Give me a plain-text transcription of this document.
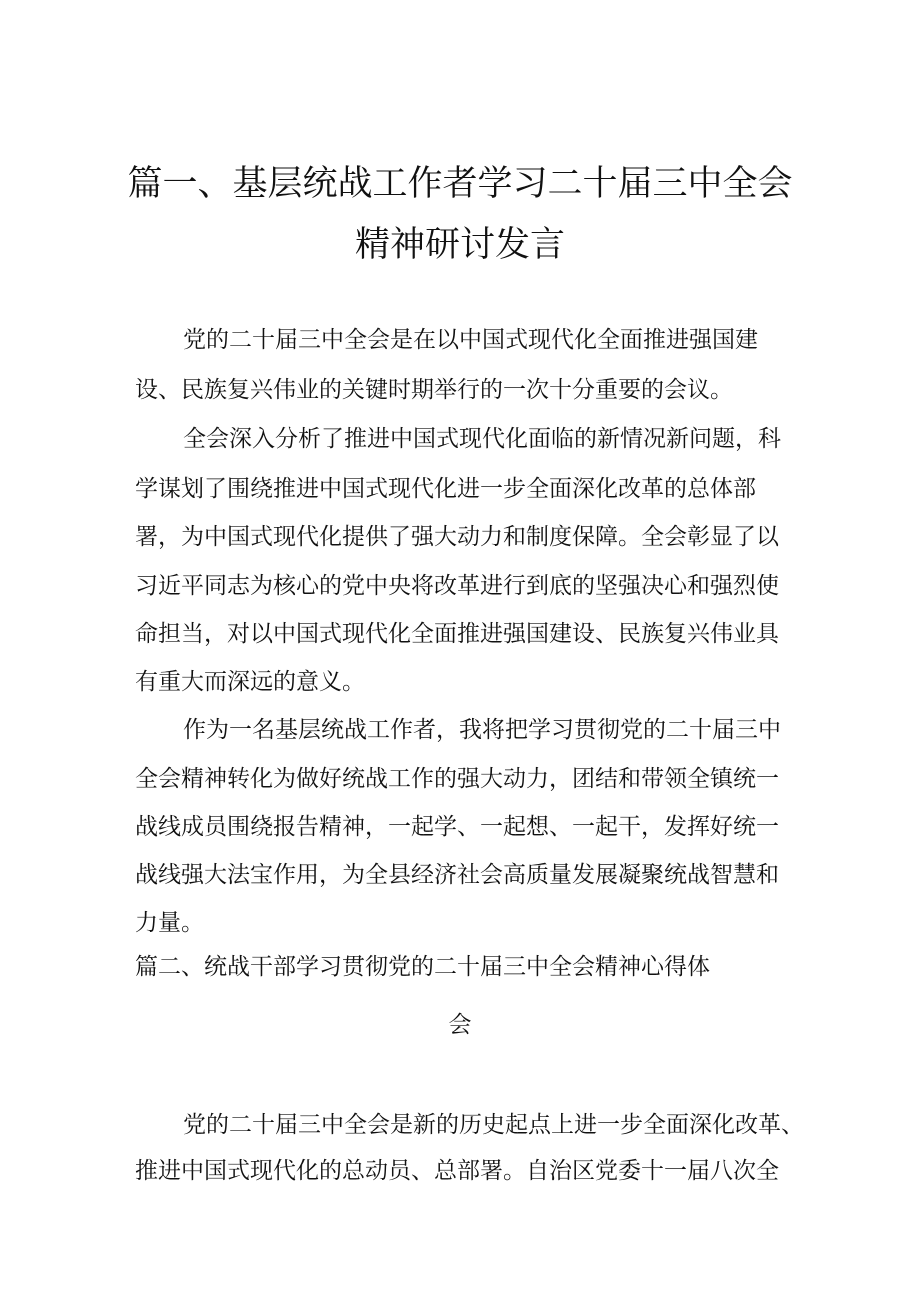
篇一、基层统战工作者学习二十届三中全会
精神研讨发言
党的二十届三中全会是在以中国式现代化全面推进强国建
设、民族复兴伟业的关键时期举行的一次十分重要的会议。
全会深入分析了推进中国式现代化面临的新情况新问题，科
学谋划了围绕推进中国式现代化进一步全面深化改革的总体部
署，为中国式现代化提供了强大动力和制度保障。全会彰显了以
习近平同志为核心的党中央将改革进行到底的坚强决心和强烈使
命担当，对以中国式现代化全面推进强国建设、民族复兴伟业具
有重大而深远的意义。
作为一名基层统战工作者，我将把学习贯彻党的二十届三中
全会精神转化为做好统战工作的强大动力，团结和带领全镇统一
战线成员围绕报告精神，一起学、一起想、一起干，发挥好统一
战线强大法宝作用，为全县经济社会高质量发展凝聚统战智慧和
力量。
篇二、统战干部学习贯彻党的二十届三中全会精神心得体
会
党的二十届三中全会是新的历史起点上进一步全面深化改革、
推进中国式现代化的总动员、总部署。自治区党委十一届八次全
